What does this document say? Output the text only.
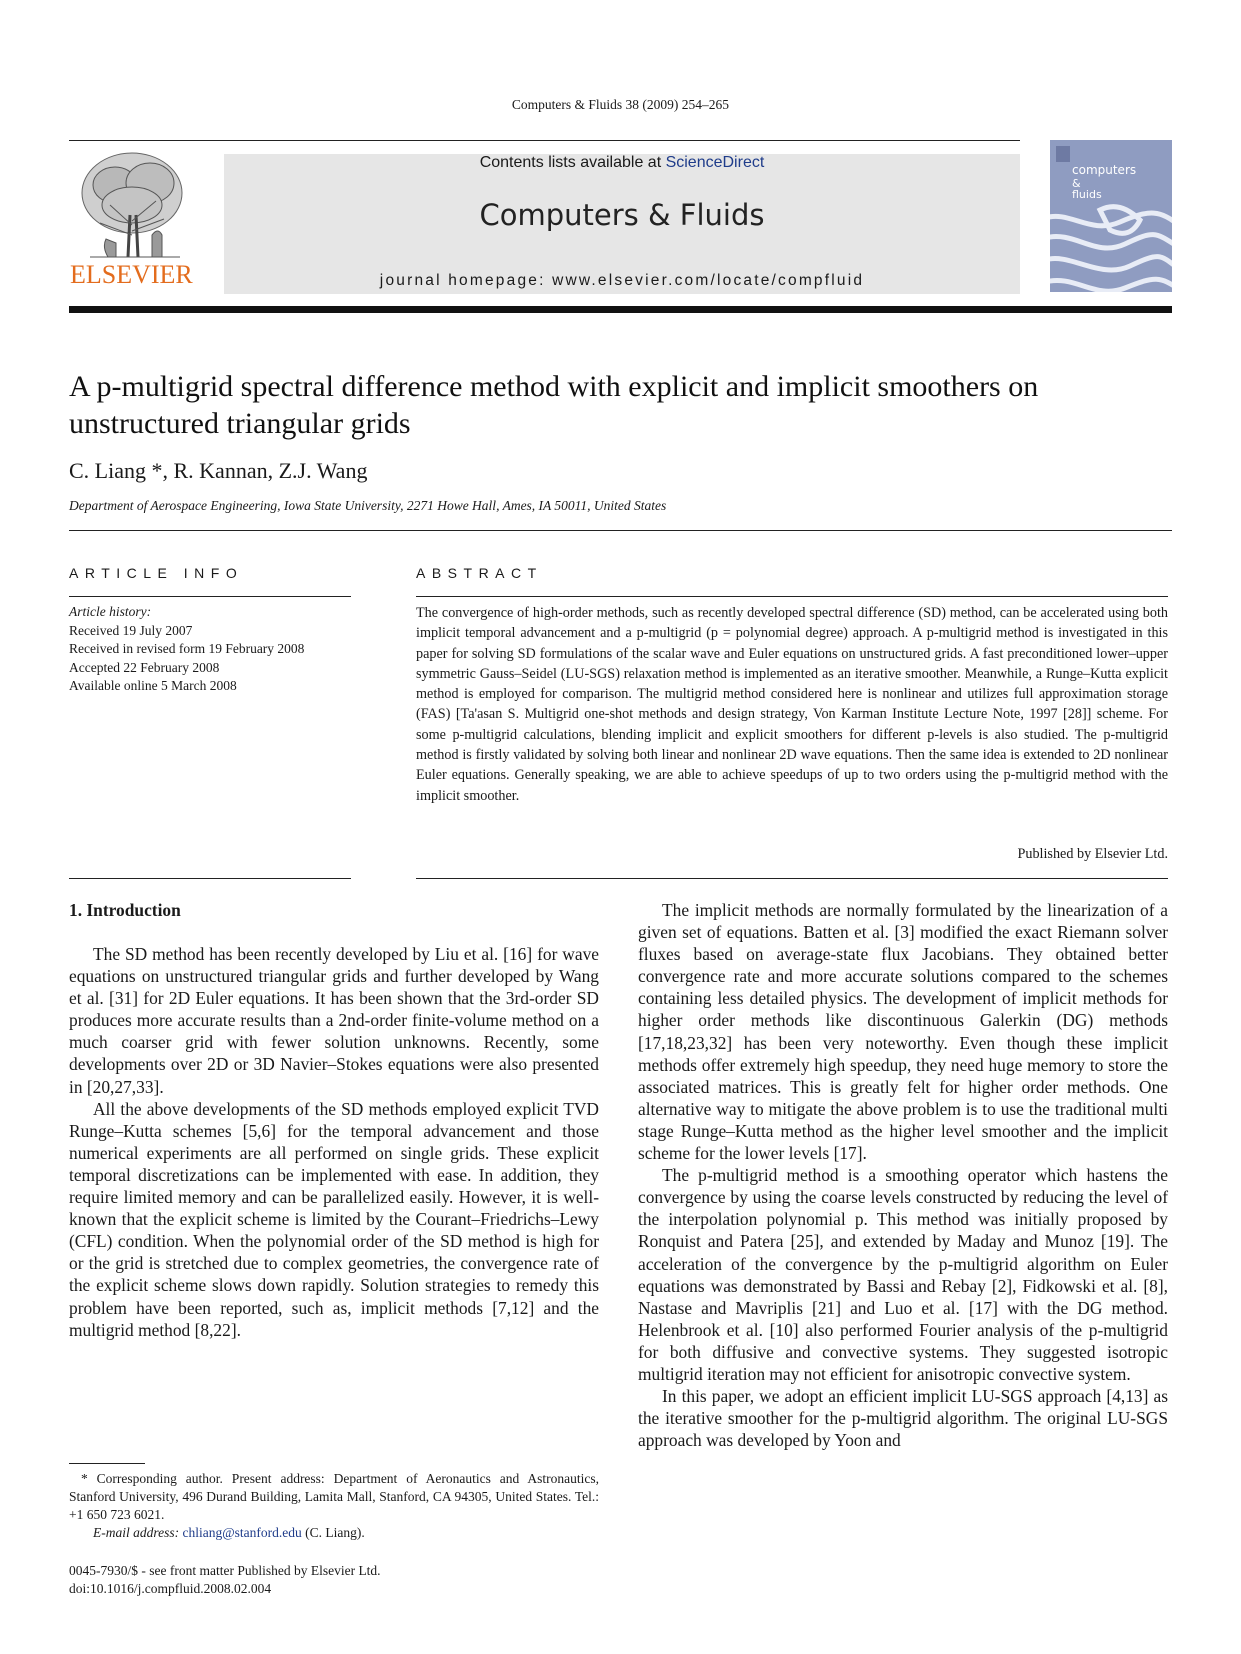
Computers & Fluids 38 (2009) 254–265
ELSEVIER
Contents lists available at ScienceDirect
Computers & Fluids
journal homepage: www.elsevier.com/locate/compfluid
computers
&
fluids
A p-multigrid spectral difference method with explicit and implicit smoothers on unstructured triangular grids
C. Liang *, R. Kannan, Z.J. Wang
Department of Aerospace Engineering, Iowa State University, 2271 Howe Hall, Ames, IA 50011, United States
ARTICLE INFO
Article history:
Received 19 July 2007
Received in revised form 19 February 2008
Accepted 22 February 2008
Available online 5 March 2008
ABSTRACT
The convergence of high-order methods, such as recently developed spectral difference (SD) method, can be accelerated using both implicit temporal advancement and a p-multigrid (p = polynomial degree) approach. A p-multigrid method is investigated in this paper for solving SD formulations of the scalar wave and Euler equations on unstructured grids. A fast preconditioned lower–upper symmetric Gauss–Seidel (LU-SGS) relaxation method is implemented as an iterative smoother. Meanwhile, a Runge–Kutta explicit method is employed for comparison. The multigrid method considered here is nonlinear and utilizes full approximation storage (FAS) [Ta'asan S. Multigrid one-shot methods and design strategy, Von Karman Institute Lecture Note, 1997 [28]] scheme. For some p-multigrid calculations, blending implicit and explicit smoothers for different p-levels is also studied. The p-multigrid method is firstly validated by solving both linear and nonlinear 2D wave equations. Then the same idea is extended to 2D nonlinear Euler equations. Generally speaking, we are able to achieve speedups of up to two orders using the p-multigrid method with the implicit smoother.
Published by Elsevier Ltd.
1. Introduction

The SD method has been recently developed by Liu et al. [16] for wave equations on unstructured triangular grids and further developed by Wang et al. [31] for 2D Euler equations. It has been shown that the 3rd-order SD produces more accurate results than a 2nd-order finite-volume method on a much coarser grid with fewer solution unknowns. Recently, some developments over 2D or 3D Navier–Stokes equations were also presented in [20,27,33].

All the above developments of the SD methods employed explicit TVD Runge–Kutta schemes [5,6] for the temporal advancement and those numerical experiments are all performed on single grids. These explicit temporal discretizations can be implemented with ease. In addition, they require limited memory and can be parallelized easily. However, it is well-known that the explicit scheme is limited by the Courant–Friedrichs–Lewy (CFL) condition. When the polynomial order of the SD method is high for or the grid is stretched due to complex geometries, the convergence rate of the explicit scheme slows down rapidly. Solution strategies to remedy this problem have been reported, such as, implicit methods [7,12] and the multigrid method [8,22].

The implicit methods are normally formulated by the linearization of a given set of equations. Batten et al. [3] modified the exact Riemann solver fluxes based on average-state flux Jacobians. They obtained better convergence rate and more accurate solutions compared to the schemes containing less detailed physics. The development of implicit methods for higher order methods like discontinuous Galerkin (DG) methods [17,18,23,32] has been very noteworthy. Even though these implicit methods offer extremely high speedup, they need huge memory to store the associated matrices. This is greatly felt for higher order methods. One alternative way to mitigate the above problem is to use the traditional multi stage Runge–Kutta method as the higher level smoother and the implicit scheme for the lower levels [17].

The p-multigrid method is a smoothing operator which hastens the convergence by using the coarse levels constructed by reducing the level of the interpolation polynomial p. This method was initially proposed by Ronquist and Patera [25], and extended by Maday and Munoz [19]. The acceleration of the convergence by the p-multigrid algorithm on Euler equations was demonstrated by Bassi and Rebay [2], Fidkowski et al. [8], Nastase and Mavriplis [21] and Luo et al. [17] with the DG method. Helenbrook et al. [10] also performed Fourier analysis of the p-multigrid for both diffusive and convective systems. They suggested isotropic multigrid iteration may not efficient for anisotropic convective system.

In this paper, we adopt an efficient implicit LU-SGS approach [4,13] as the iterative smoother for the p-multigrid algorithm. The original LU-SGS approach was developed by Yoon and

* Corresponding author. Present address: Department of Aeronautics and Astronautics, Stanford University, 496 Durand Building, Lamita Mall, Stanford, CA 94305, United States. Tel.: +1 650 723 6021.

E-mail address: chliang@stanford.edu (C. Liang).

0045-7930/$ - see front matter Published by Elsevier Ltd.
doi:10.1016/j.compfluid.2008.02.004
